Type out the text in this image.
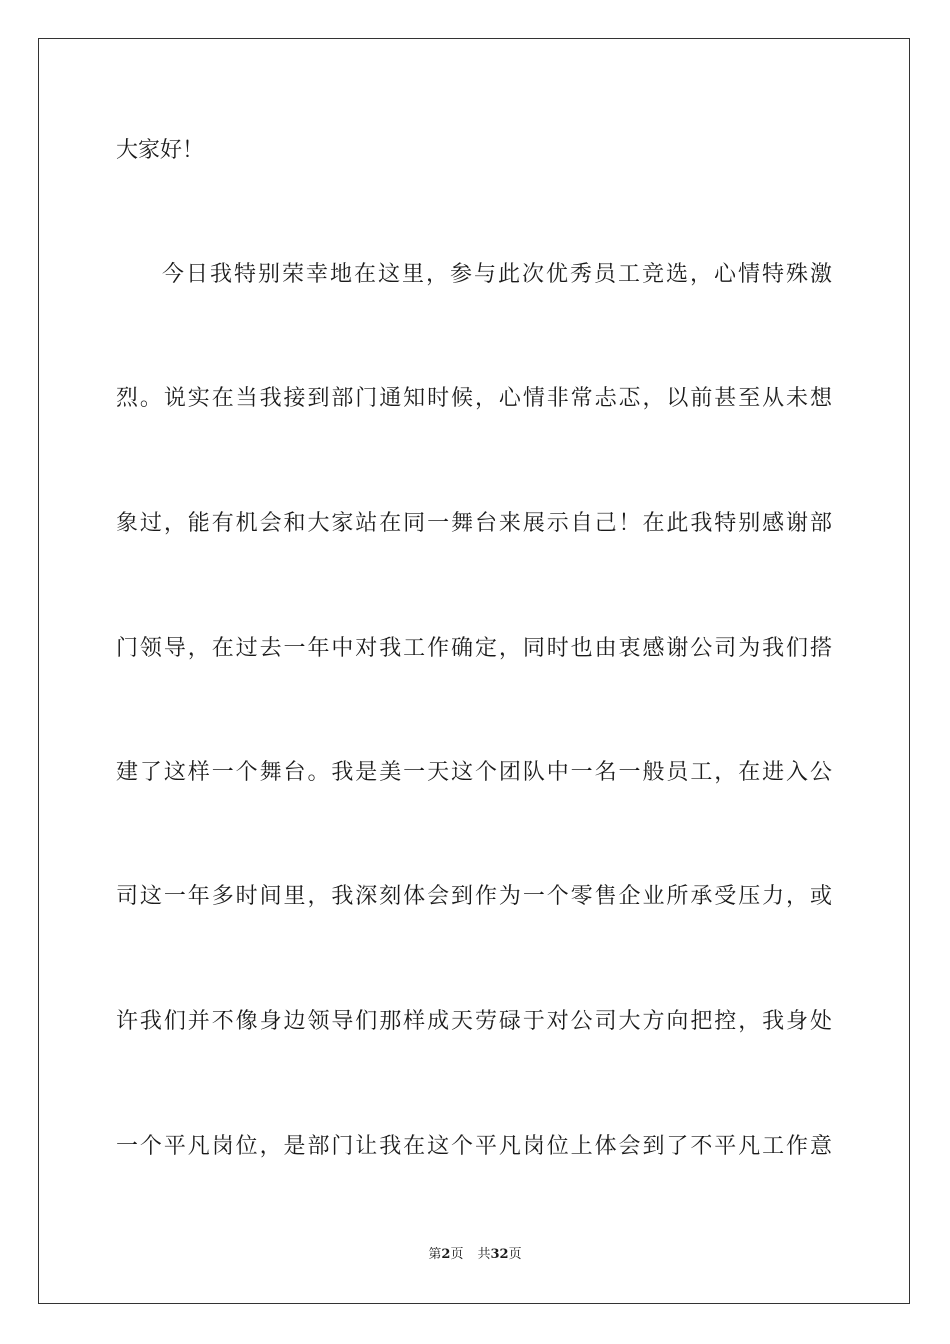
大家好！
今日我特别荣幸地在这里，参与此次优秀员工竞选，心情特殊激
烈。说实在当我接到部门通知时候，心情非常忐忑，以前甚至从未想
象过，能有机会和大家站在同一舞台来展示自己！在此我特别感谢部
门领导，在过去一年中对我工作确定，同时也由衷感谢公司为我们搭
建了这样一个舞台。我是美一天这个团队中一名一般员工，在进入公
司这一年多时间里，我深刻体会到作为一个零售企业所承受压力，或
许我们并不像身边领导们那样成天劳碌于对公司大方向把控，我身处
一个平凡岗位，是部门让我在这个平凡岗位上体会到了不平凡工作意
第2页 共32页
